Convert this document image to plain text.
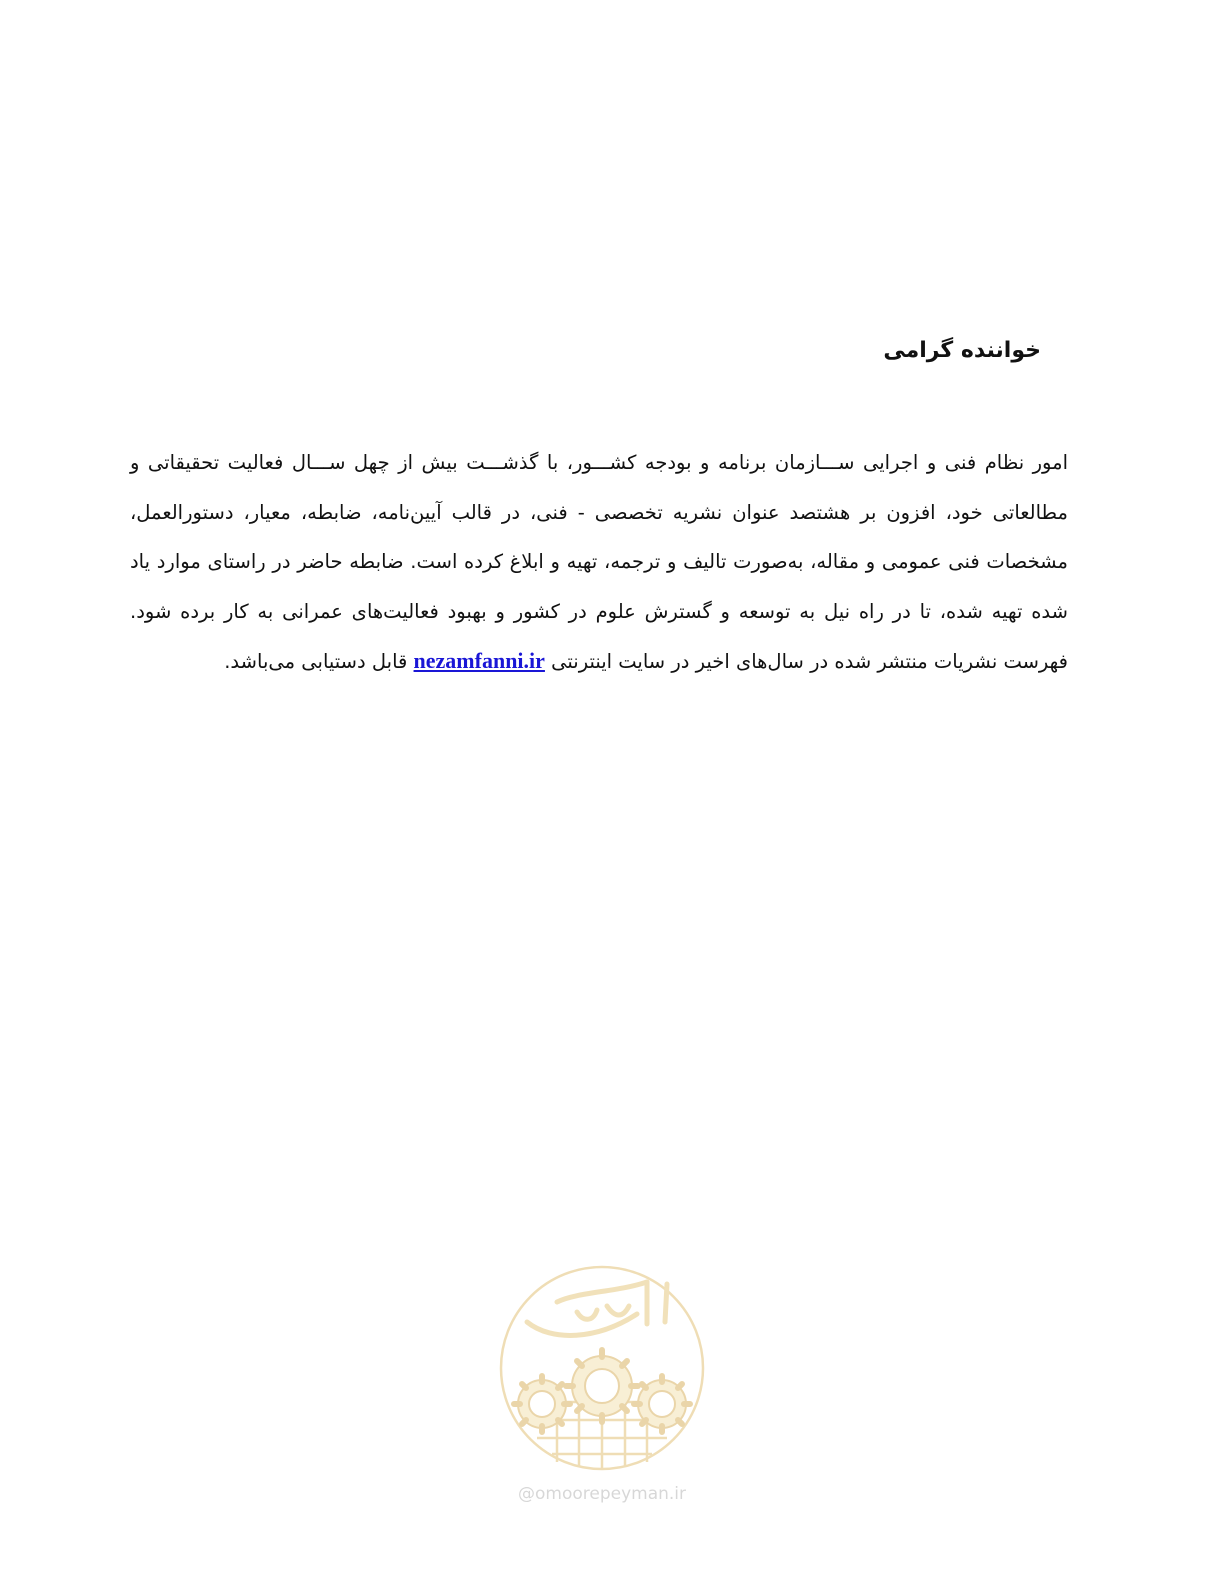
خواننده گرامی

امور نظام فنی و اجرایی ســـازمان برنامه و بودجه کشـــور، با گذشـــت بیش از چهل ســـال فعالیت تحقیقاتی و مطالعاتی خود، افزون بر هشتصد عنوان نشریه تخصصی - فنی، در قالب آیین‌نامه، ضابطه، معیار، دستورالعمل، مشخصات فنی عمومی و مقاله، به‌صورت تالیف و ترجمه، تهیه و ابلاغ کرده است. ضابطه حاضر در راستای موارد یاد شده تهیه شده، تا در راه نیل به توسعه و گسترش علوم در کشور و بهبود فعالیت‌های عمرانی به کار برده شود. فهرست نشریات منتشر شده در سال‌های اخیر در سایت اینترنتی nezamfanni.ir قابل دستیابی می‌باشد.

@omoorepeyman.ir
